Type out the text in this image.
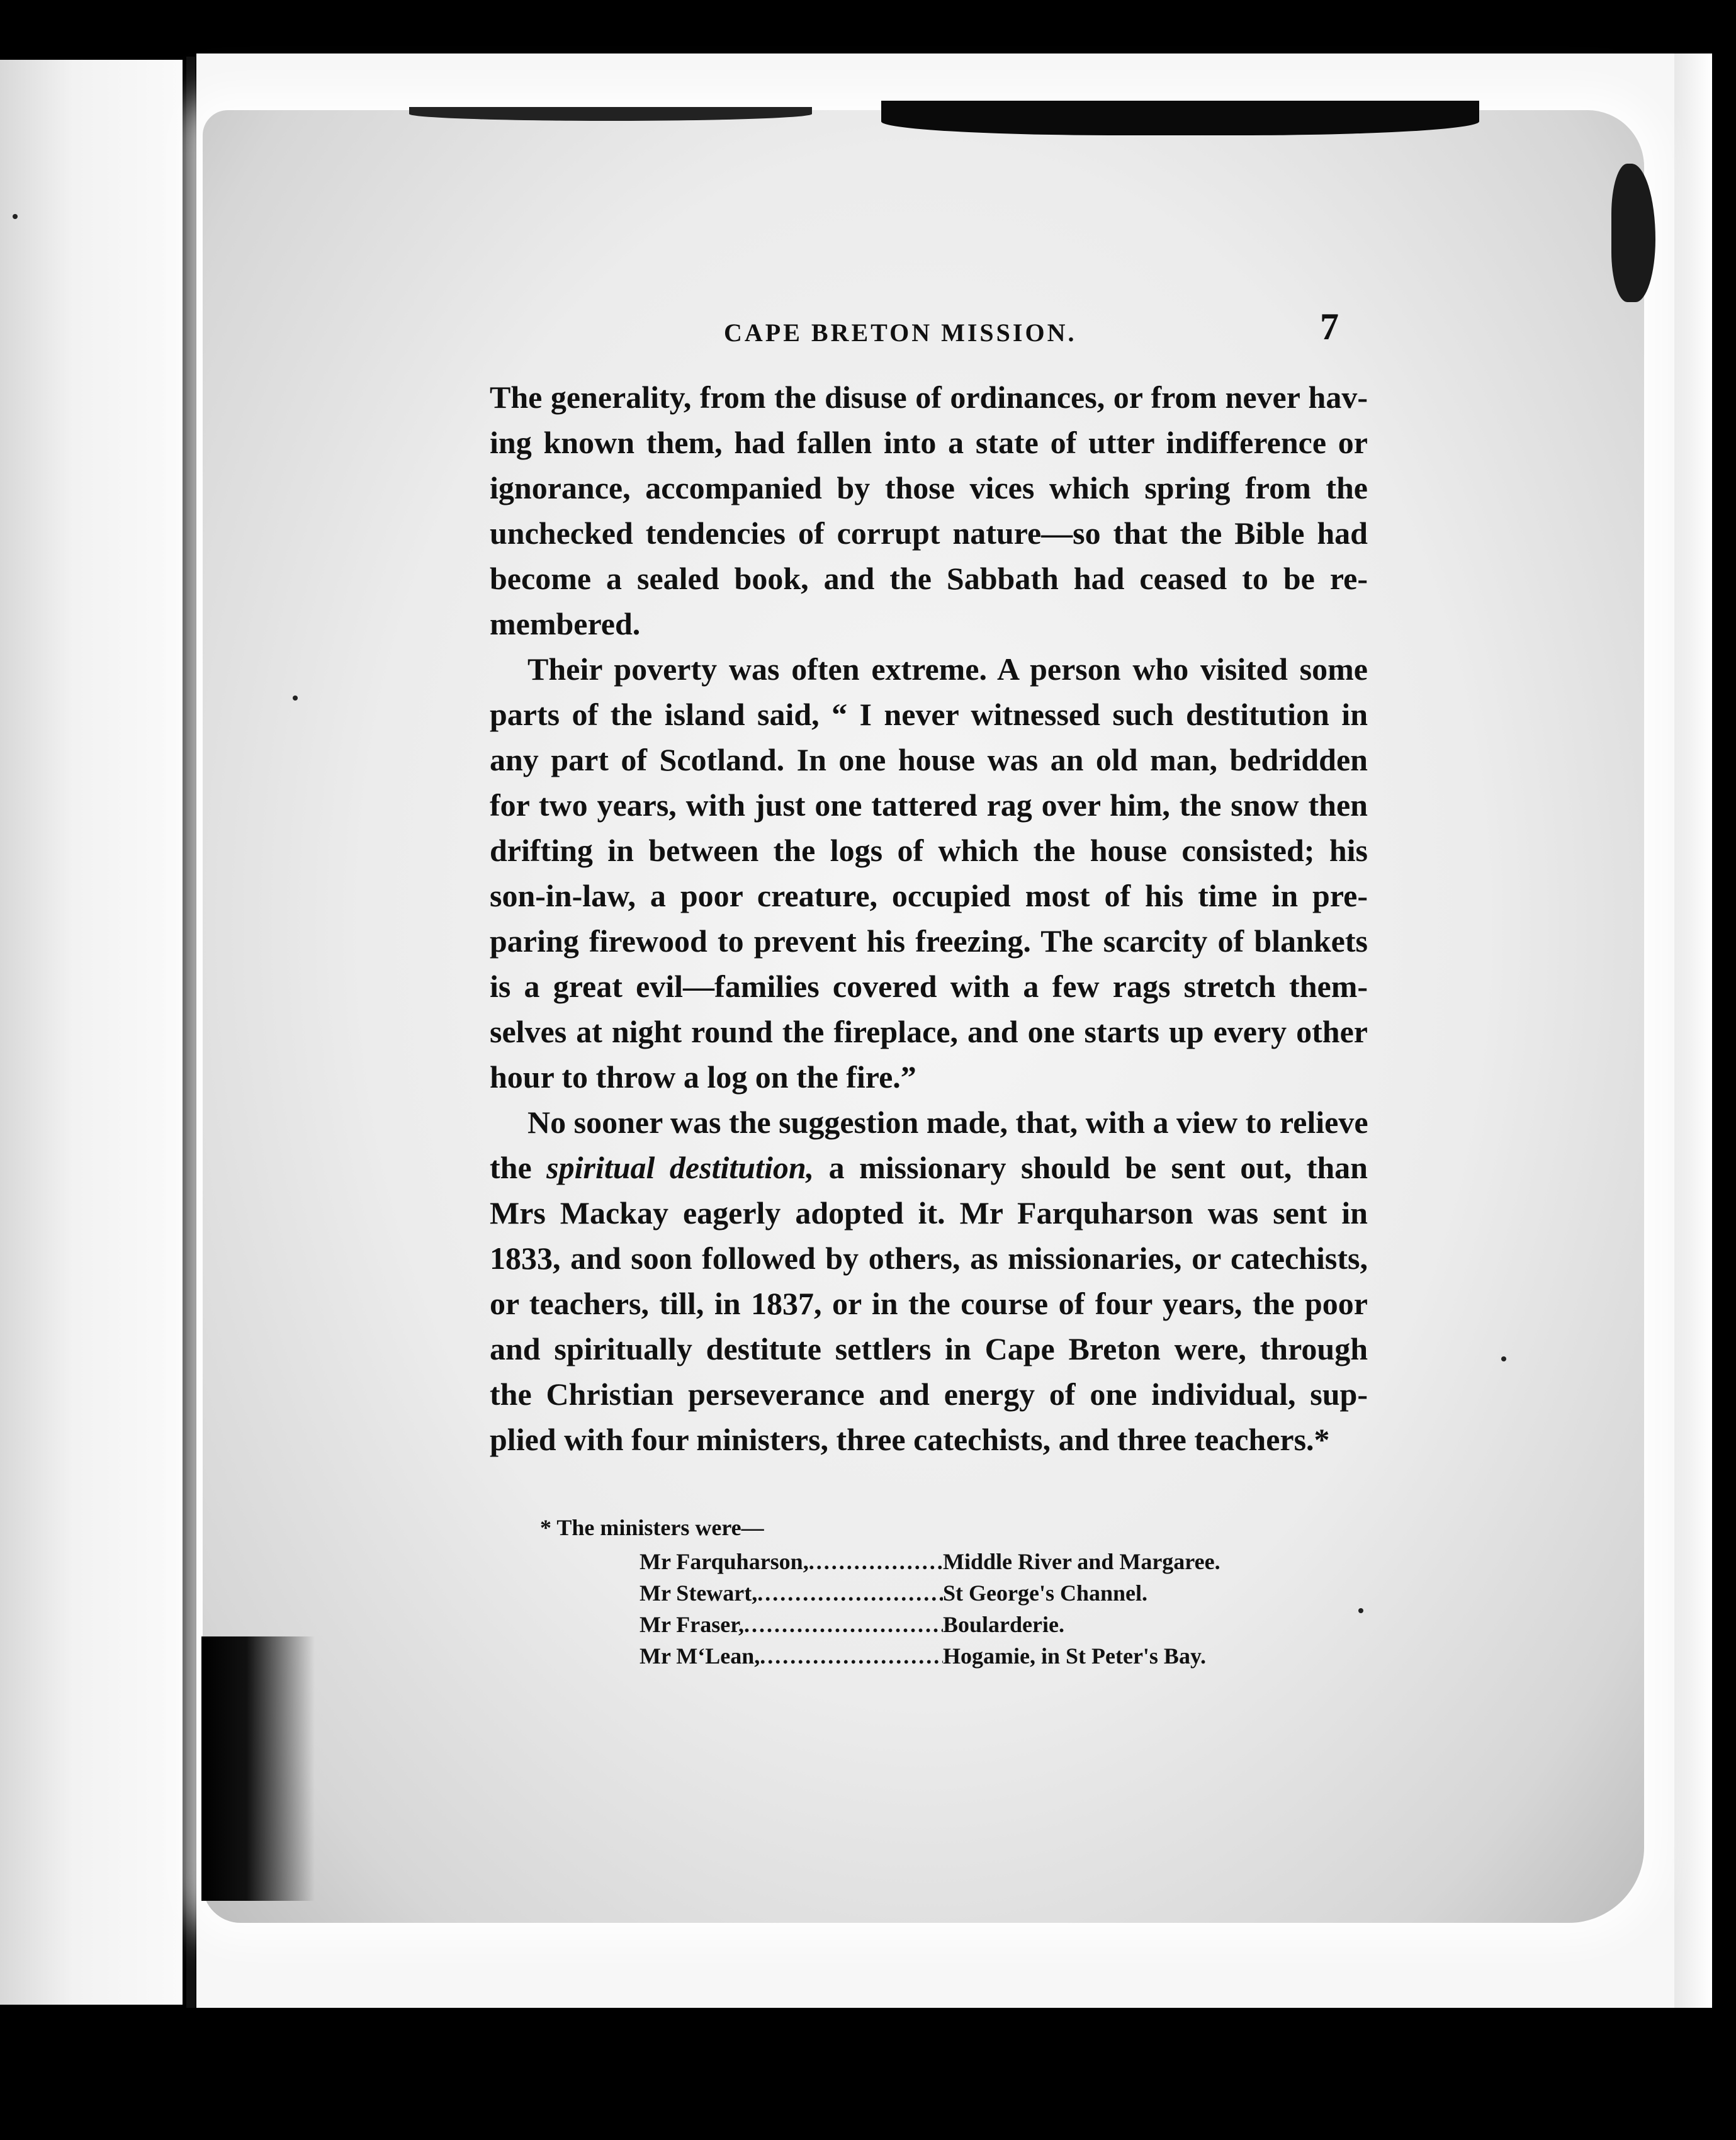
CAPE BRETON MISSION.	7
The generality, from the disuse of ordinances, or from never hav-
ing known them, had fallen into a state of utter indifference or
ignorance, accompanied by those vices which spring from the
unchecked tendencies of corrupt nature—so that the Bible had
become a sealed book, and the Sabbath had ceased to be re-
membered.
Their poverty was often extreme. A person who visited some
parts of the island said, “ I never witnessed such destitution in
any part of Scotland. In one house was an old man, bedridden
for two years, with just one tattered rag over him, the snow then
drifting in between the logs of which the house consisted; his
son-in-law, a poor creature, occupied most of his time in pre-
paring firewood to prevent his freezing. The scarcity of blankets
is a great evil—families covered with a few rags stretch them-
selves at night round the fireplace, and one starts up every other
hour to throw a log on the fire.”
No sooner was the suggestion made, that, with a view to relieve
the spiritual destitution, a missionary should be sent out, than
Mrs Mackay eagerly adopted it. Mr Farquharson was sent in
1833, and soon followed by others, as missionaries, or catechists,
or teachers, till, in 1837, or in the course of four years, the poor
and spiritually destitute settlers in Cape Breton were, through
the Christian perseverance and energy of one individual, sup-
plied with four ministers, three catechists, and three teachers.*
* The ministers were—
Mr Farquharson, .....	Middle River and Margaree.
Mr Stewart, .....	St George's Channel.
Mr Fraser, .....	Boularderie.
Mr M‘Lean, .....	Hogamie, in St Peter's Bay.
